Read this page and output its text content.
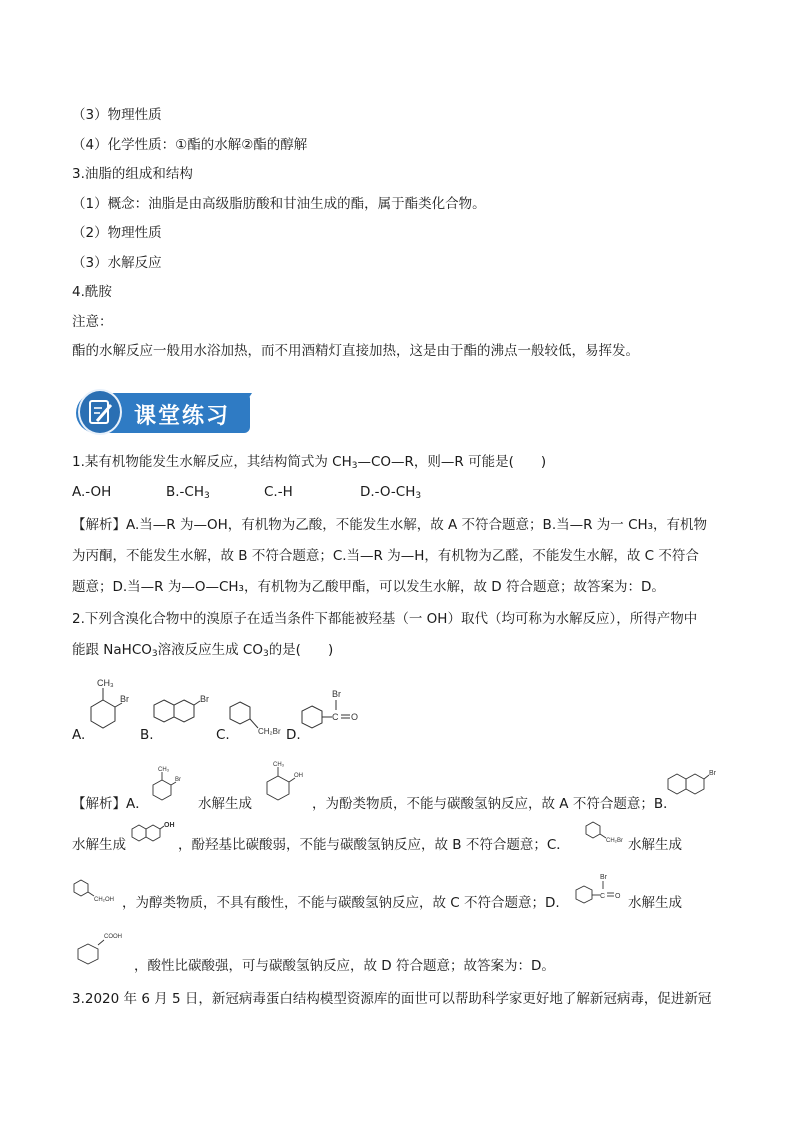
（3）物理性质
（4）化学性质：①酯的水解②酯的醇解
3.油脂的组成和结构
（1）概念：油脂是由高级脂肪酸和甘油生成的酯，属于酯类化合物。
（2）物理性质
（3）水解反应
4.酰胺
注意：
酯的水解反应一般用水浴加热，而不用酒精灯直接加热，这是由于酯的沸点一般较低，易挥发。
课堂练习
1.某有机物能发生水解反应，其结构简式为 $CH_3—CO—R$，则—R 可能是(　　)
A.-OH	$B.-CH_3$	C.-H	$D.-O-CH_3$
【解析】A.当—R 为—OH，有机物为乙酸，不能发生水解，故 A 不符合题意；B.当—R 为一 CH₃，有机物
为丙酮，不能发生水解，故 B 不符合题意；C.当—R 为—H，有机物为乙醛，不能发生水解，故 C 不符合
题意；D.当—R 为—O—CH₃，有机物为乙酸甲酯，可以发生水解，故 D 符合题意；故答案为：D。
2.下列含溴化合物中的溴原子在适当条件下都能被羟基（一 OH）取代（均可称为水解反应），所得产物中
能跟 NaHCO$_3$溶液反应生成 $CO_3$的是(　　)
A.
CH₃
Br
B.
Br
C.	CH₂Br D.
C
Br
O
【解析】A．
CH₃
Br
水解生成
CH₃
OH
，为酚类物质，不能与碳酸氢钠反应，故 A 不符合题意；B．
Br
水解生成
OH
，酚羟基比碳酸弱，不能与碳酸氢钠反应，故 B 不符合题意；C．	CH₂Br 水解生成
CH₂OH ，为醇类物质，不具有酸性，不能与碳酸氢钠反应，故 C 不符合题意；D.	C
Br
O 水解生成
COOH
，酸性比碳酸强，可与碳酸氢钠反应，故 D 符合题意；故答案为：D。
3.2020 年 6 月 5 日，新冠病毒蛋白结构模型资源库的面世可以帮助科学家更好地了解新冠病毒，促进新冠
